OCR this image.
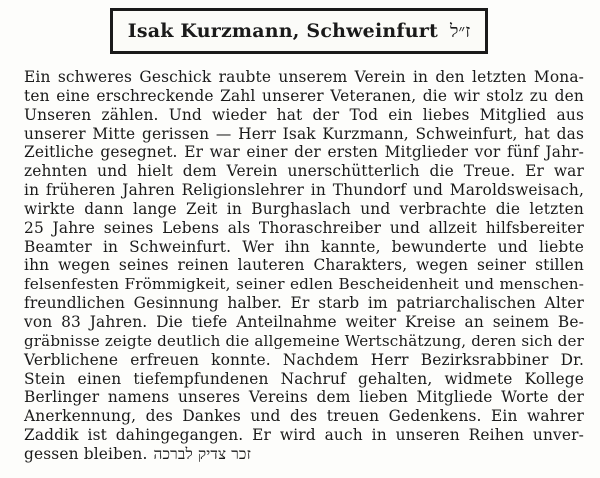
Isak Kurzmann, Schweinfurt ז״ל
Ein schweres Geschick raubte unserem Verein in den letzten Mona-
ten eine erschreckende Zahl unserer Veteranen, die wir stolz zu den
Unseren zählen. Und wieder hat der Tod ein liebes Mitglied aus
unserer Mitte gerissen — Herr Isak Kurzmann, Schweinfurt, hat das
Zeitliche gesegnet. Er war einer der ersten Mitglieder vor fünf Jahr-
zehnten und hielt dem Verein unerschütterlich die Treue. Er war
in früheren Jahren Religionslehrer in Thundorf und Maroldsweisach,
wirkte dann lange Zeit in Burghaslach und verbrachte die letzten
25 Jahre seines Lebens als Thoraschreiber und allzeit hilfsbereiter
Beamter in Schweinfurt. Wer ihn kannte, bewunderte und liebte
ihn wegen seines reinen lauteren Charakters, wegen seiner stillen
felsenfesten Frömmigkeit, seiner edlen Bescheidenheit und menschen-
freundlichen Gesinnung halber. Er starb im patriarchalischen Alter
von 83 Jahren. Die tiefe Anteilnahme weiter Kreise an seinem Be-
gräbnisse zeigte deutlich die allgemeine Wertschätzung, deren sich der
Verblichene erfreuen konnte. Nachdem Herr Bezirksrabbiner Dr.
Stein einen tiefempfundenen Nachruf gehalten, widmete Kollege
Berlinger namens unseres Vereins dem lieben Mitgliede Worte der
Anerkennung, des Dankes und des treuen Gedenkens. Ein wahrer
Zaddik ist dahingegangen. Er wird auch in unseren Reihen unver-
gessen bleiben. זכר צדיק לברכה
